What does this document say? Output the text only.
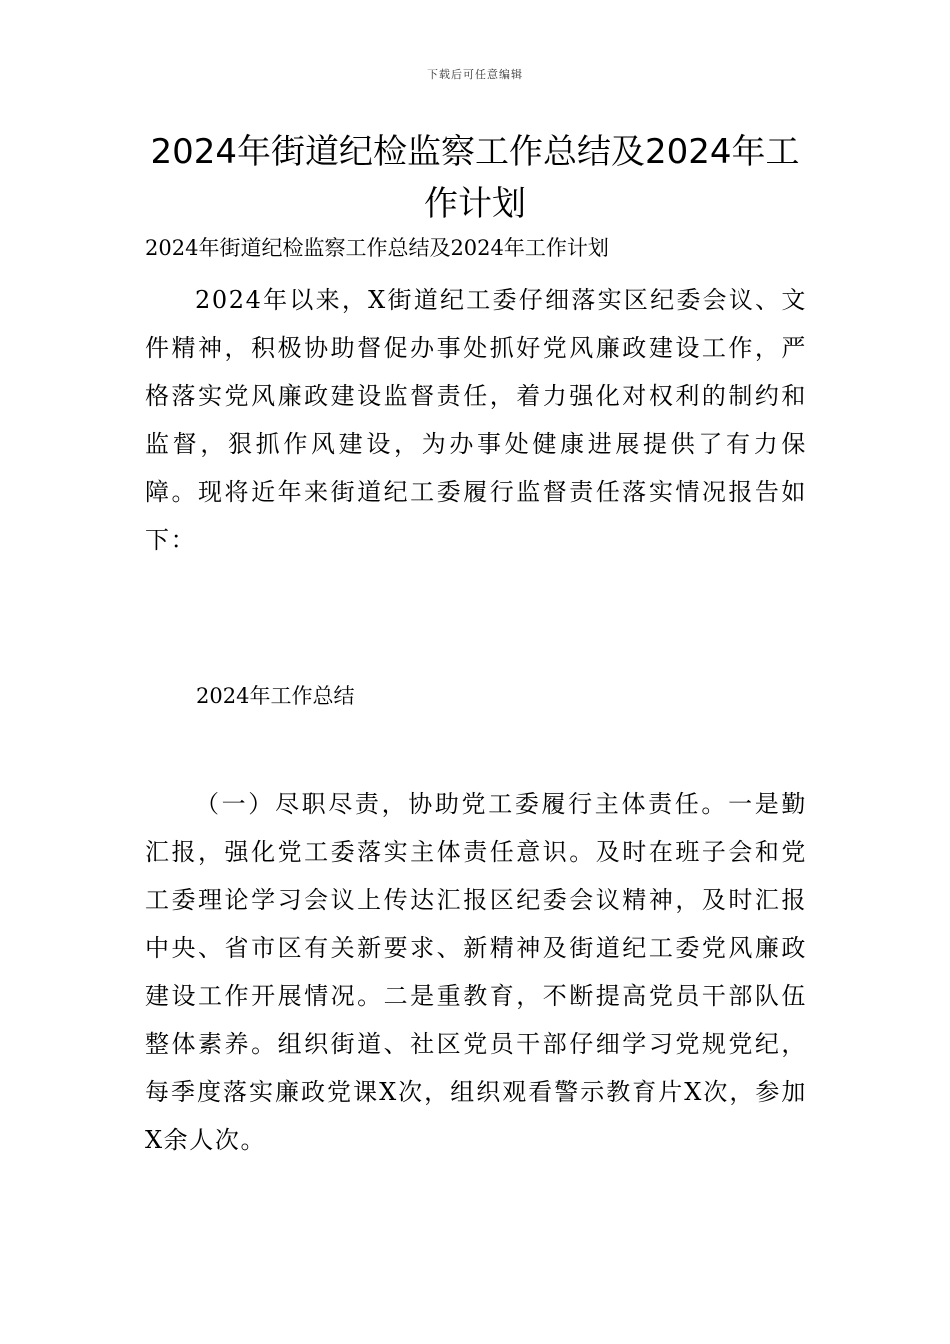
下载后可任意编辑
2024年街道纪检监察工作总结及2024年工作计划

2024年街道纪检监察工作总结及2024年工作计划

2024年以来，X街道纪工委仔细落实区纪委会议、文件精神，积极协助督促办事处抓好党风廉政建设工作，严格落实党风廉政建设监督责任，着力强化对权利的制约和监督，狠抓作风建设，为办事处健康进展提供了有力保障。现将近年来街道纪工委履行监督责任落实情况报告如下：

2024年工作总结

（一）尽职尽责，协助党工委履行主体责任。一是勤汇报，强化党工委落实主体责任意识。及时在班子会和党工委理论学习会议上传达汇报区纪委会议精神，及时汇报中央、省市区有关新要求、新精神及街道纪工委党风廉政建设工作开展情况。二是重教育，不断提高党员干部队伍整体素养。组织街道、社区党员干部仔细学习党规党纪，每季度落实廉政党课X次，组织观看警示教育片X次，参加X余人次。
